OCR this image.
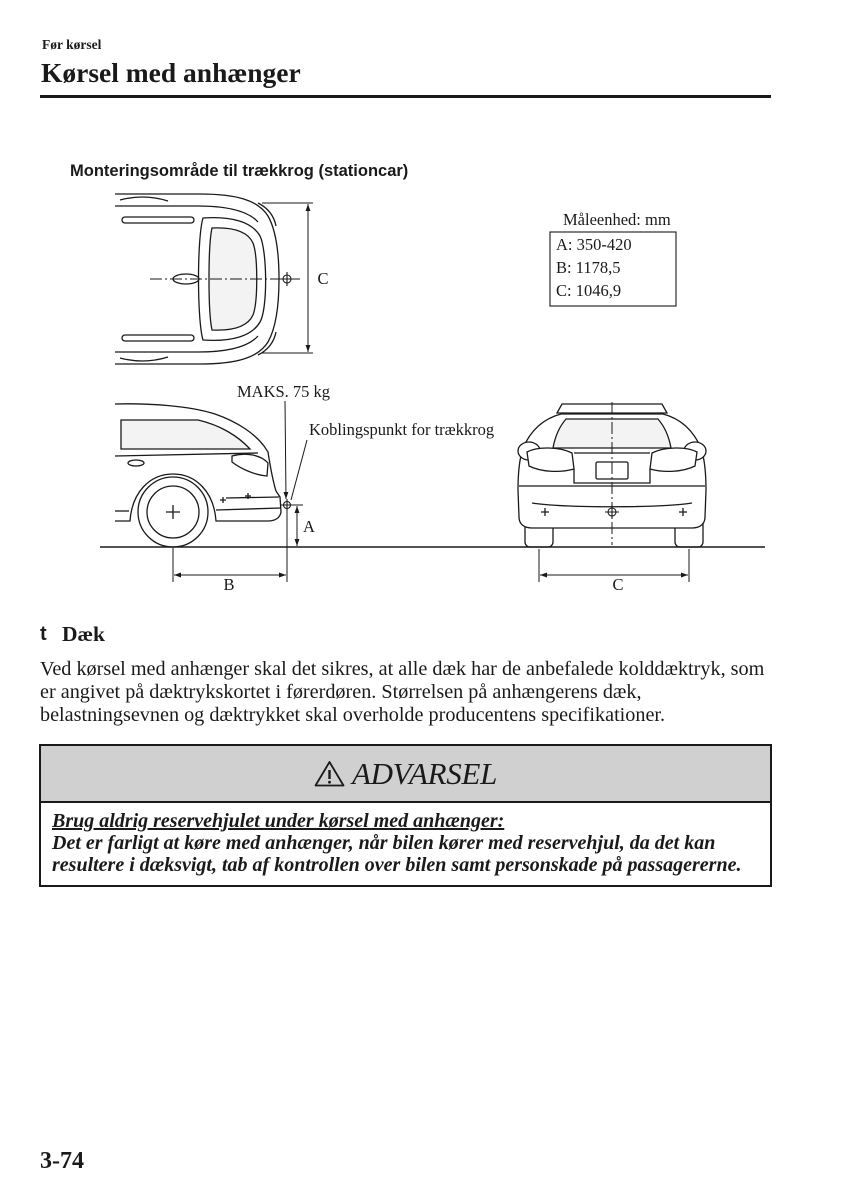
Før kørsel
Kørsel med anhænger
Monteringsområde til trækkrog (stationcar)
C
Måleenhed: mm
A: 350-420
B: 1178,5
C: 1046,9
MAKS. 75 kg
Koblingspunkt for trækkrog
A
B	C
t Dæk
Ved kørsel med anhænger skal det sikres, at alle dæk har de anbefalede kolddæktryk, som
er angivet på dæktrykskortet i førerdøren. Størrelsen på anhængerens dæk,
belastningsevnen og dæktrykket skal overholde producentens specifikationer.
ADVARSEL
Brug aldrig reservehjulet under kørsel med anhænger:
Det er farligt at køre med anhænger, når bilen kører med reservehjul, da det kan
resultere i dæksvigt, tab af kontrollen over bilen samt personskade på passagererne.
3-74
